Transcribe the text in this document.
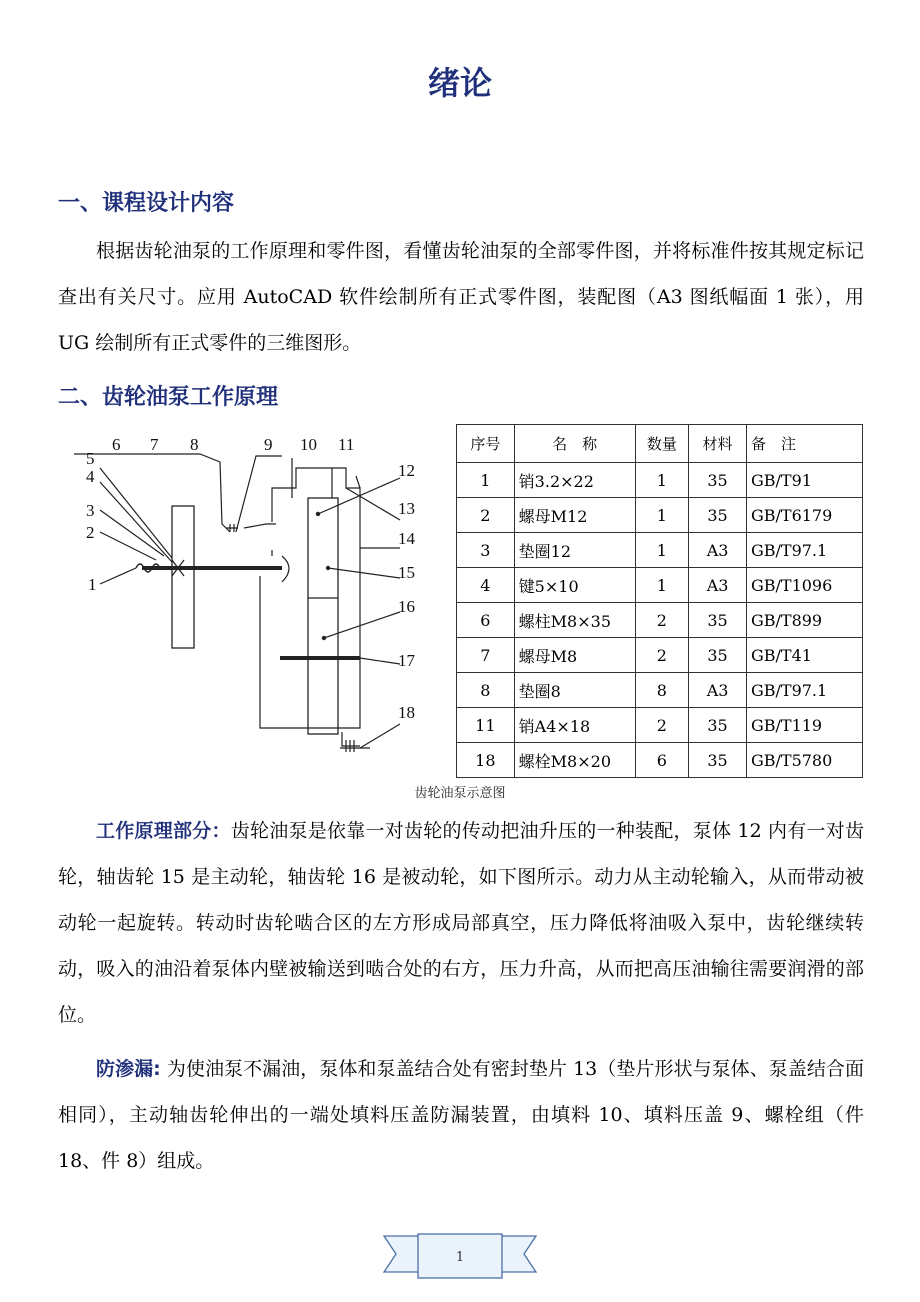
绪论
一、课程设计内容
根据齿轮油泵的工作原理和零件图，看懂齿轮油泵的全部零件图，并将标准件按其规定标记查出有关尺寸。应用 AutoCAD 软件绘制所有正式零件图，装配图（A3 图纸幅面 1 张），用 UG 绘制所有正式零件的三维图形。
二、齿轮油泵工作原理
1
2
3
4
5
6 7 8	9 10 11
12
13
14
15
16
17
18
序号	名　称	数量	材料	备　注
1	销3.2×22	1	35	GB/T91
2	螺母M12	1	35	GB/T6179
3	垫圈12	1	A3	GB/T97.1
4	键5×10	1	A3	GB/T1096
6	螺柱M8×35	2	35	GB/T899
7	螺母M8	2	35	GB/T41
8	垫圈8	8	A3	GB/T97.1
11	销A4×18	2	35	GB/T119
18	螺栓M8×20	6	35	GB/T5780
齿轮油泵示意图
工作原理部分：齿轮油泵是依靠一对齿轮的传动把油升压的一种装配，泵体 12 内有一对齿轮，轴齿轮 15 是主动轮，轴齿轮 16 是被动轮，如下图所示。动力从主动轮输入，从而带动被动轮一起旋转。转动时齿轮啮合区的左方形成局部真空，压力降低将油吸入泵中，齿轮继续转动，吸入的油沿着泵体内壁被输送到啮合处的右方，压力升高，从而把高压油输往需要润滑的部位。
防渗漏: 为使油泵不漏油，泵体和泵盖结合处有密封垫片 13（垫片形状与泵体、泵盖结合面相同），主动轴齿轮伸出的一端处填料压盖防漏装置，由填料 10、填料压盖 9、螺栓组（件 18、件 8）组成。
1
